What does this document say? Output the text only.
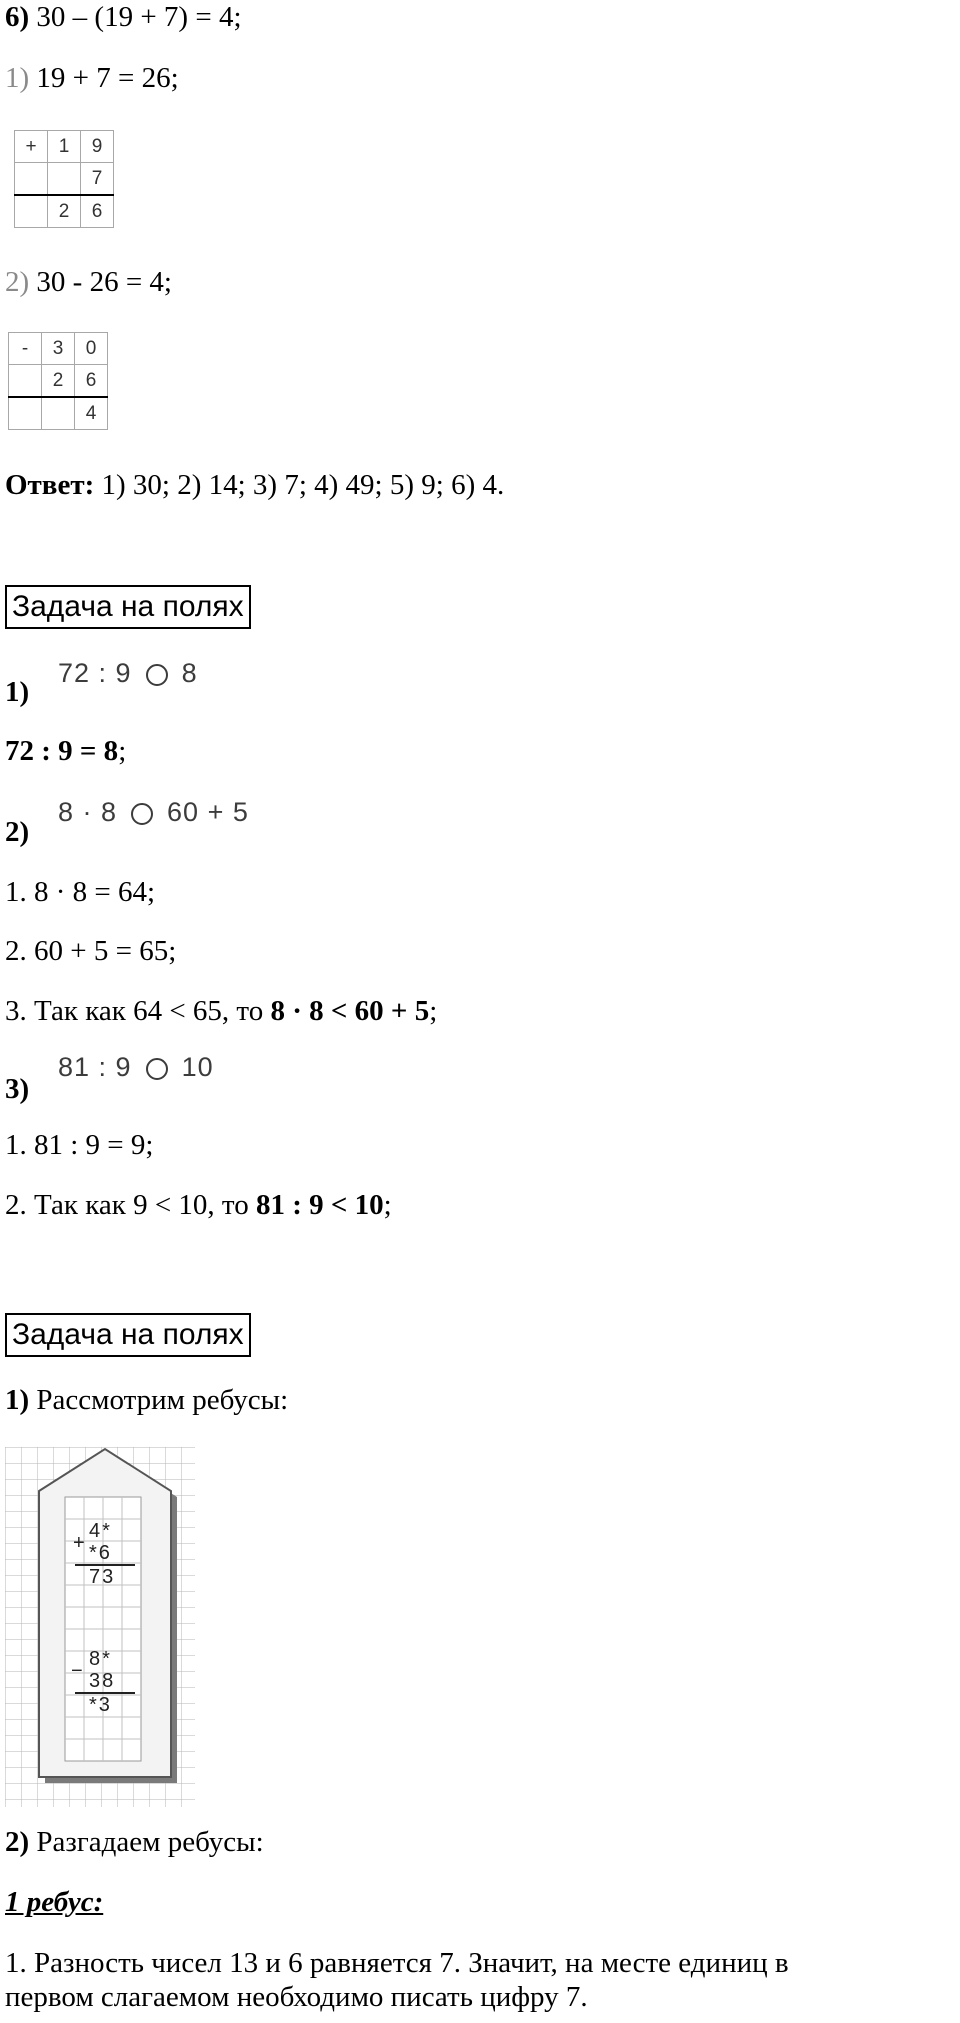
6) 30 – (19 + 7) = 4;
1) 19 + 7 = 26;
+	1	9
		7
	2	6
2) 30 - 26 = 4;
-	3	0
	2	6
		4
Ответ: 1) 30; 2) 14; 3) 7; 4) 49; 5) 9; 6) 4.
Задача на полях
1)
72 : 9 8
72 : 9 = 8;
2)
8 · 8 60 + 5
1. 8 · 8 = 64;
2. 60 + 5 = 65;
3. Так как 64 < 65, то 8 · 8 < 60 + 5;
3)
81 : 9 10
1. 81 : 9 = 9;
2. Так как 9 < 10, то 81 : 9 < 10;
Задача на полях
1) Рассмотрим ребусы:
+
4*
*6
73
−
8*
38
*3
2) Разгадаем ребусы:
1 ребус:
1. Разность чисел 13 и 6 равняется 7. Значит, на месте единиц в
первом слагаемом необходимо писать цифру 7.
